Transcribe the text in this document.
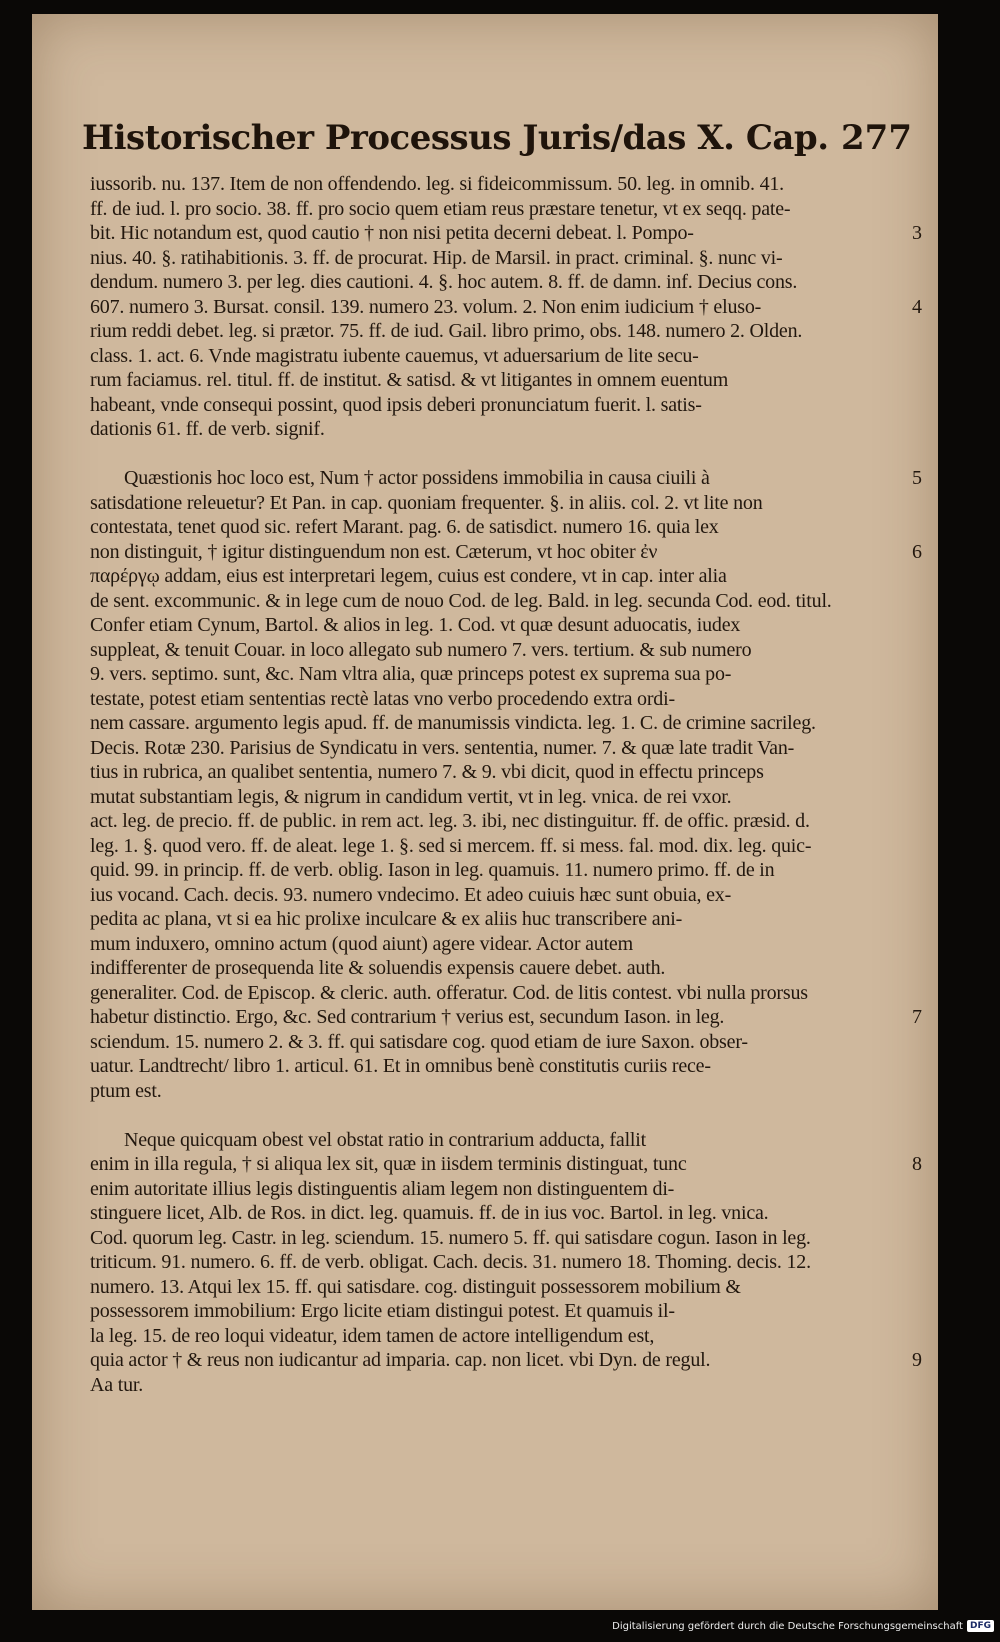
Historischer Processus Juris/das X. Cap. 277
iussorib. nu. 137. Item de non offendendo. leg. si fideicommissum. 50. leg. in omnib. 41.
ff. de iud. l. pro socio. 38. ff. pro socio quem etiam reus præstare tenetur, vt ex seqq. pate-
bit. Hic notandum est, quod cautio † non nisi petita decerni debeat. l. Pompo-	3
nius. 40. §. ratihabitionis. 3. ff. de procurat. Hip. de Marsil. in pract. criminal. §. nunc vi-
dendum. numero 3. per leg. dies cautioni. 4. §. hoc autem. 8. ff. de damn. inf. Decius cons.
607. numero 3. Bursat. consil. 139. numero 23. volum. 2. Non enim iudicium † eluso-	4
rium reddi debet. leg. si prætor. 75. ff. de iud. Gail. libro primo, obs. 148. numero 2. Olden.
class. 1. act. 6. Vnde magistratu iubente cauemus, vt aduersarium de lite secu-
rum faciamus. rel. titul. ff. de institut. & satisd. & vt litigantes in omnem euentum
habeant, vnde consequi possint, quod ipsis deberi pronunciatum fuerit. l. satis-
dationis 61. ff. de verb. signif.
Quæstionis hoc loco est, Num † actor possidens immobilia in causa ciuili à	5
satisdatione releuetur? Et Pan. in cap. quoniam frequenter. §. in aliis. col. 2. vt lite non
contestata, tenet quod sic. refert Marant. pag. 6. de satisdict. numero 16. quia lex
non distinguit, † igitur distinguendum non est. Cæterum, vt hoc obiter ἐν	6
παρέργῳ addam, eius est interpretari legem, cuius est condere, vt in cap. inter alia
de sent. excommunic. & in lege cum de nouo Cod. de leg. Bald. in leg. secunda Cod. eod. titul.
Confer etiam Cynum, Bartol. & alios in leg. 1. Cod. vt quæ desunt aduocatis, iudex
suppleat, & tenuit Couar. in loco allegato sub numero 7. vers. tertium. & sub numero
9. vers. septimo. sunt, &c. Nam vltra alia, quæ princeps potest ex suprema sua po-
testate, potest etiam sententias rectè latas vno verbo procedendo extra ordi-
nem cassare. argumento legis apud. ff. de manumissis vindicta. leg. 1. C. de crimine sacrileg.
Decis. Rotæ 230. Parisius de Syndicatu in vers. sententia, numer. 7. & quæ late tradit Van-
tius in rubrica, an qualibet sententia, numero 7. & 9. vbi dicit, quod in effectu princeps
mutat substantiam legis, & nigrum in candidum vertit, vt in leg. vnica. de rei vxor.
act. leg. de precio. ff. de public. in rem act. leg. 3. ibi, nec distinguitur. ff. de offic. præsid. d.
leg. 1. §. quod vero. ff. de aleat. lege 1. §. sed si mercem. ff. si mess. fal. mod. dix. leg. quic-
quid. 99. in princip. ff. de verb. oblig. Iason in leg. quamuis. 11. numero primo. ff. de in
ius vocand. Cach. decis. 93. numero vndecimo. Et adeo cuiuis hæc sunt obuia, ex-
pedita ac plana, vt si ea hic prolixe inculcare & ex aliis huc transcribere ani-
mum induxero, omnino actum (quod aiunt) agere videar. Actor autem
indifferenter de prosequenda lite & soluendis expensis cauere debet. auth.
generaliter. Cod. de Episcop. & cleric. auth. offeratur. Cod. de litis contest. vbi nulla prorsus
habetur distinctio. Ergo, &c. Sed contrarium † verius est, secundum Iason. in leg.	7
sciendum. 15. numero 2. & 3. ff. qui satisdare cog. quod etiam de iure Saxon. obser-
uatur. Landtrecht/ libro 1. articul. 61. Et in omnibus benè constitutis curiis rece-
ptum est.
Neque quicquam obest vel obstat ratio in contrarium adducta, fallit
enim in illa regula, † si aliqua lex sit, quæ in iisdem terminis distinguat, tunc	8
enim autoritate illius legis distinguentis aliam legem non distinguentem di-
stinguere licet, Alb. de Ros. in dict. leg. quamuis. ff. de in ius voc. Bartol. in leg. vnica.
Cod. quorum leg. Castr. in leg. sciendum. 15. numero 5. ff. qui satisdare cogun. Iason in leg.
triticum. 91. numero. 6. ff. de verb. obligat. Cach. decis. 31. numero 18. Thoming. decis. 12.
numero. 13. Atqui lex 15. ff. qui satisdare. cog. distinguit possessorem mobilium &
possessorem immobilium: Ergo licite etiam distingui potest. Et quamuis il-
la leg. 15. de reo loqui videatur, idem tamen de actore intelligendum est,
quia actor † & reus non iudicantur ad imparia. cap. non licet. vbi Dyn. de regul.	9
Aa tur.
Digitalisierung gefördert durch die Deutsche Forschungsgemeinschaft DFG
